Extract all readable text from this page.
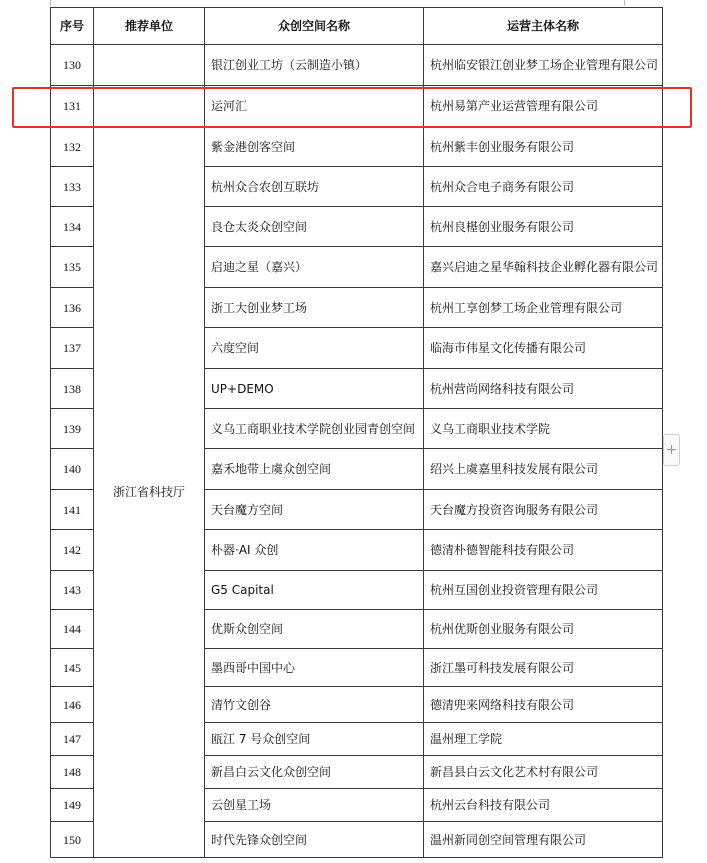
序号	推荐单位	众创空间名称	运营主体名称
130		银江创业工坊（云制造小镇）	杭州临安银江创业梦工场企业管理有限公司
131		运河汇	杭州易第产业运营管理有限公司
132	浙江省科技厅	紫金港创客空间	杭州紫丰创业服务有限公司
133		杭州众合农创互联坊	杭州众合电子商务有限公司
134		良仓太炎众创空间	杭州良樭创业服务有限公司
135		启迪之星（嘉兴）	嘉兴启迪之星华翰科技企业孵化器有限公司
136		浙工大创业梦工场	杭州工享创梦工场企业管理有限公司
137		六度空间	临海市伟星文化传播有限公司
138		UP+DEMO	杭州营尚网络科技有限公司
139		义乌工商职业技术学院创业园青创空间	义乌工商职业技术学院
140		嘉禾地带上虞众创空间	绍兴上虞嘉里科技发展有限公司
141		天台魔方空间	天台魔方投资咨询服务有限公司
142		朴器·AI 众创	德清朴德智能科技有限公司
143		G5 Capital	杭州互国创业投资管理有限公司
144		优斯众创空间	杭州优斯创业服务有限公司
145		墨西哥中国中心	浙江墨可科技发展有限公司
146		清竹文创谷	德清兜来网络科技有限公司
147		瓯江 7 号众创空间	温州理工学院
148		新昌白云文化众创空间	新昌县白云文化艺术村有限公司
149		云创星工场	杭州云台科技有限公司
150		时代先锋众创空间	温州新同创空间管理有限公司
+
